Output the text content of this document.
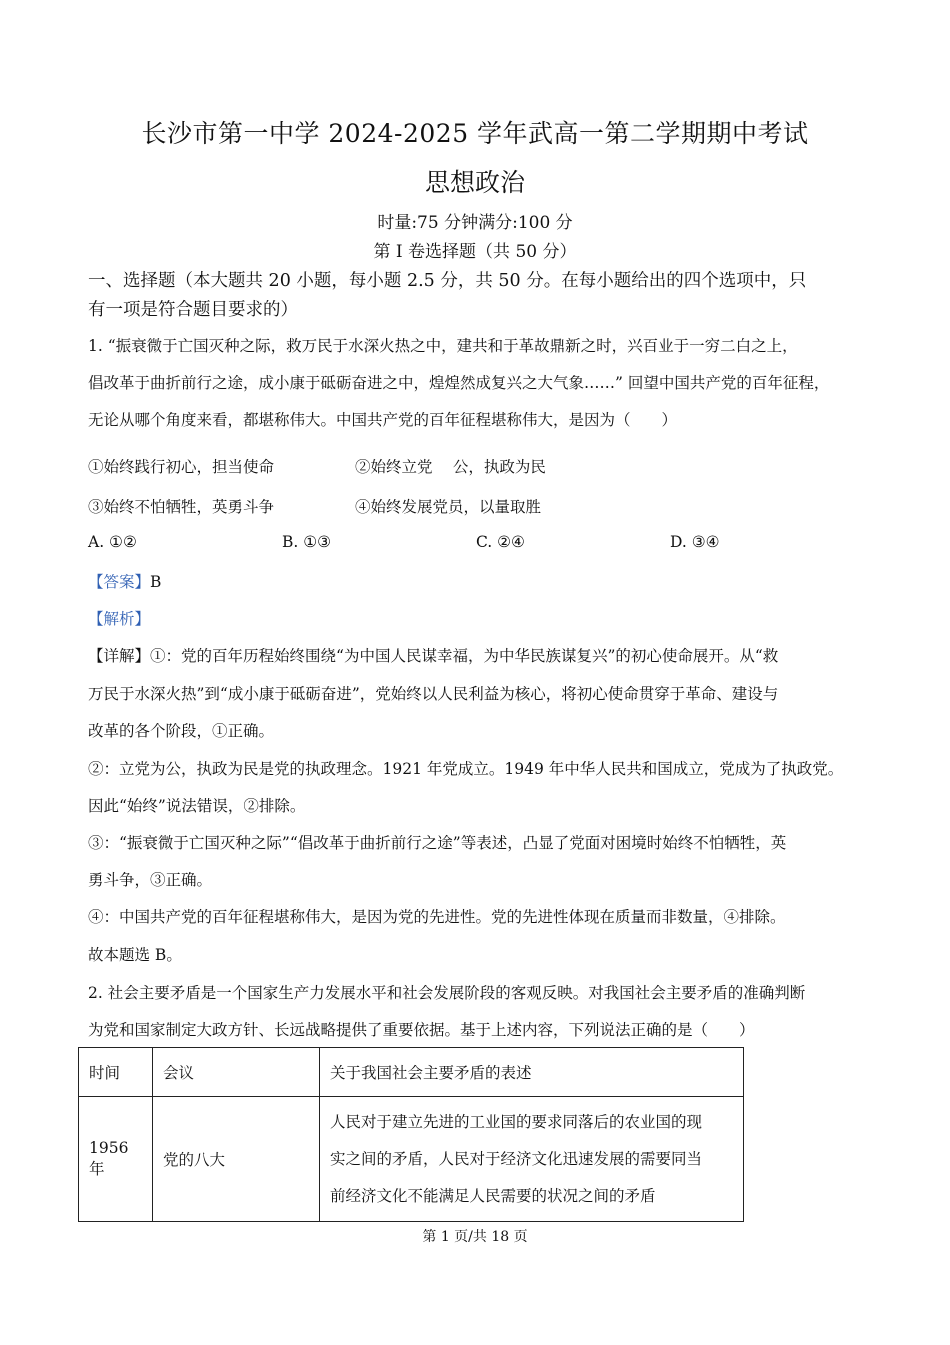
长沙市第一中学 2024-2025 学年武高一第二学期期中考试
思想政治
时量:75 分钟满分:100 分
第 I 卷选择题（共 50 分）
一、选择题（本大题共 20 小题，每小题 2.5 分，共 50 分。在每小题给出的四个选项中，只
有一项是符合题目要求的）
1. “振衰微于亡国灭种之际，救万民于水深火热之中，建共和于革故鼎新之时，兴百业于一穷二白之上，
倡改革于曲折前行之途，成小康于砥砺奋进之中，煌煌然成复兴之大气象……” 回望中国共产党的百年征程，
无论从哪个角度来看，都堪称伟大。中国共产党的百年征程堪称伟大，是因为（　　）
①始终践行初心，担当使命	②始终立党　 公，执政为民
③始终不怕牺牲，英勇斗争	④始终发展党员，以量取胜
A. ①②	B. ①③	C. ②④	D. ③④
【答案】B
【解析】
【详解】①：党的百年历程始终围绕“为中国人民谋幸福，为中华民族谋复兴”的初心使命展开。从“救
万民于水深火热”到“成小康于砥砺奋进”，党始终以人民利益为核心，将初心使命贯穿于革命、建设与
改革的各个阶段，①正确。
②：立党为公，执政为民是党的执政理念。1921 年党成立。1949 年中华人民共和国成立，党成为了执政党。
因此“始终”说法错误，②排除。
③：“振衰微于亡国灭种之际”“倡改革于曲折前行之途”等表述，凸显了党面对困境时始终不怕牺牲，英
勇斗争，③正确。
④：中国共产党的百年征程堪称伟大，是因为党的先进性。党的先进性体现在质量而非数量，④排除。
故本题选 B。
2. 社会主要矛盾是一个国家生产力发展水平和社会发展阶段的客观反映。对我国社会主要矛盾的准确判断
为党和国家制定大政方针、长远战略提供了重要依据。基于上述内容，下列说法正确的是（　　）
时间	会议	关于我国社会主要矛盾的表述
1956 年	党的八大	人民对于建立先进的工业国的要求同落后的农业国的现
实之间的矛盾，人民对于经济文化迅速发展的需要同当
前经济文化不能满足人民需要的状况之间的矛盾
第 1 页/共 18 页
